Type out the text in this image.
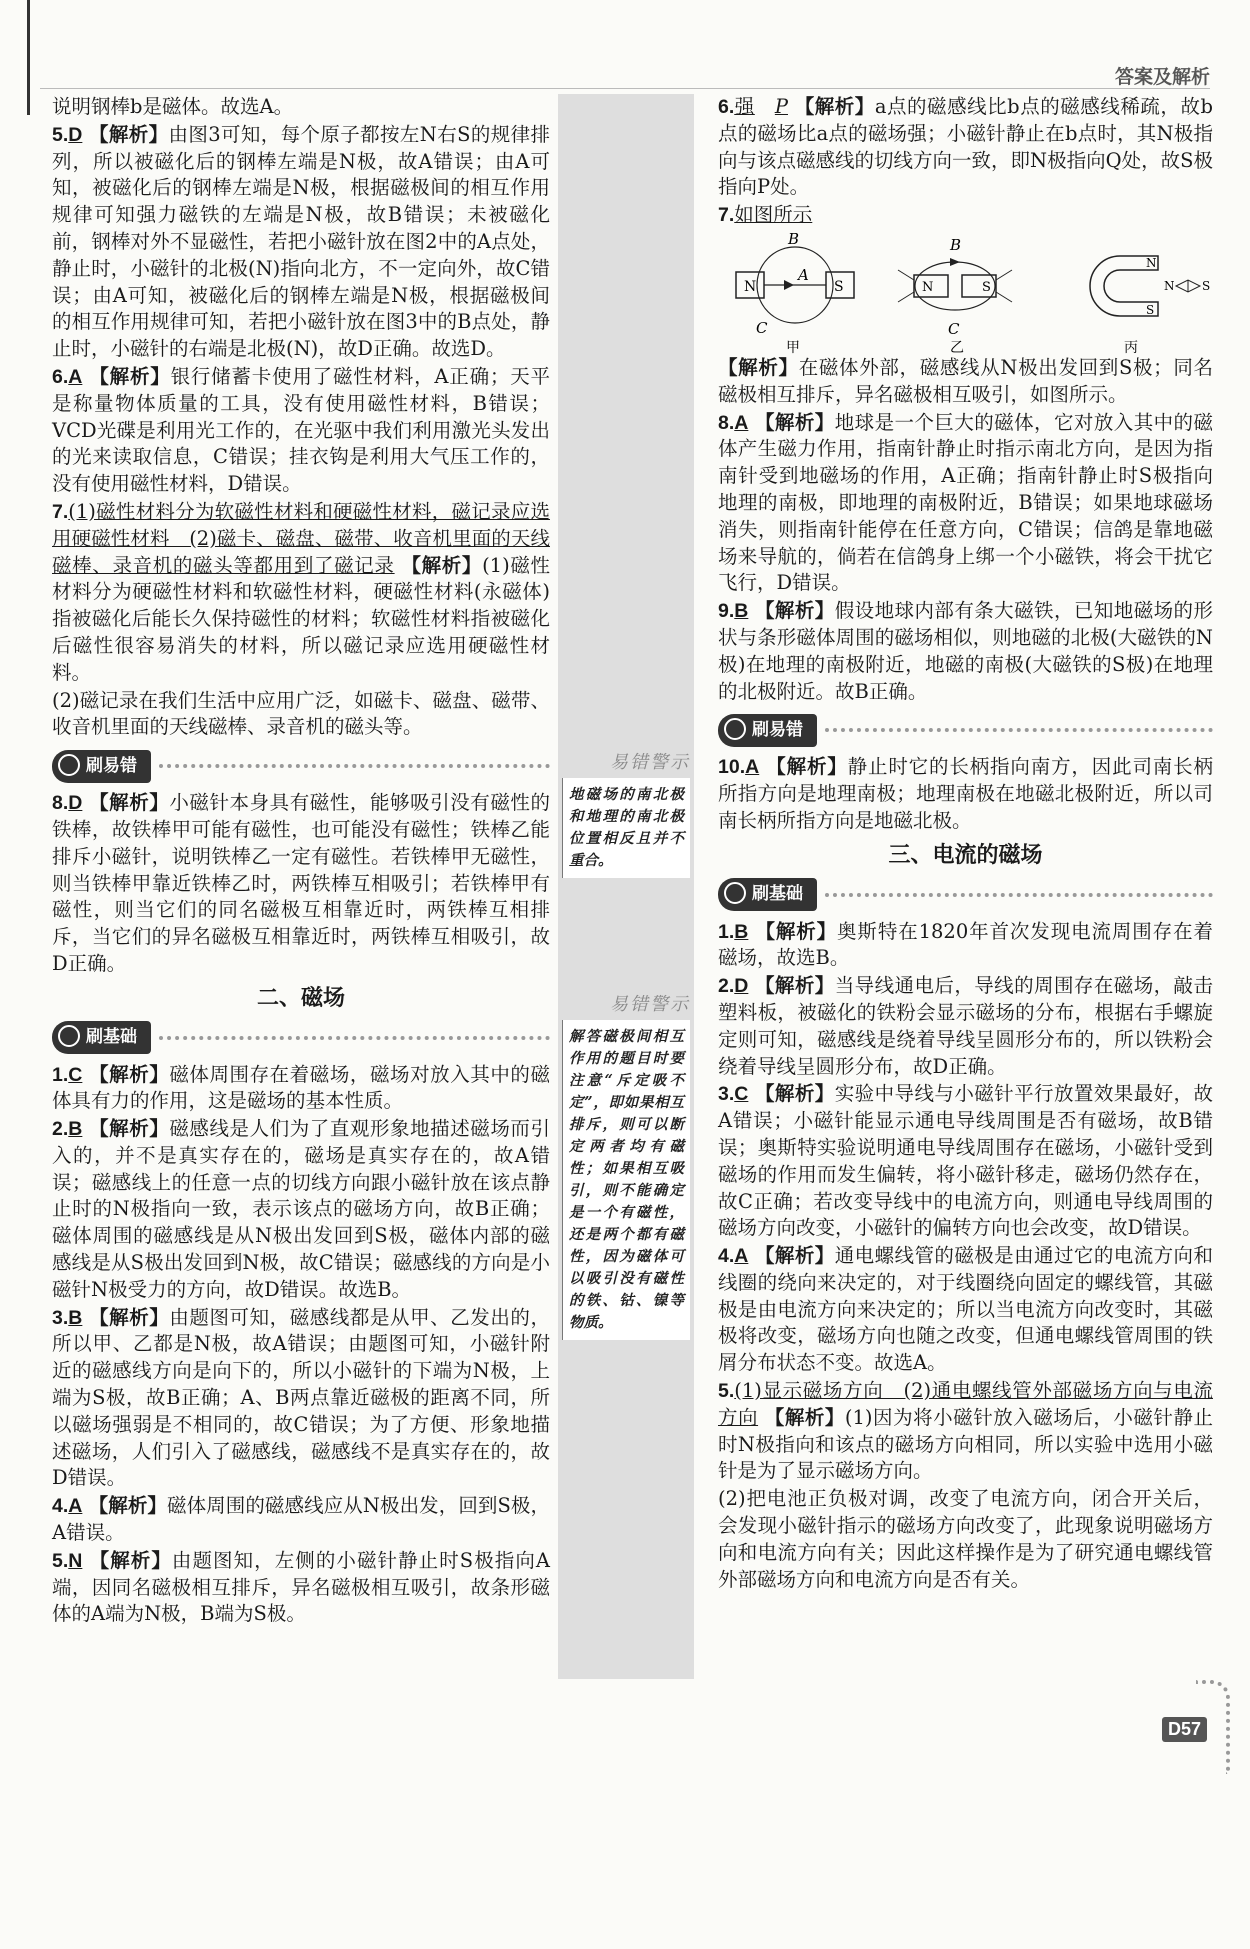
答案及解析
易错警示
地磁场的南北极和地理的南北极位置相反且并不重合。
易错警示
解答磁极间相互作用的题目时要注意“斥定吸不定”，即如果相互排斥，则可以断定两者均有磁性；如果相互吸引，则不能确定是一个有磁性，还是两个都有磁性，因为磁体可以吸引没有磁性的铁、钴、镍等物质。

说明钢棒b是磁体。故选A。

5.D 【解析】由图3可知，每个原子都按左N右S的规律排列，所以被磁化后的钢棒左端是N极，故A错误；由A可知，被磁化后的钢棒左端是N极，根据磁极间的相互作用规律可知强力磁铁的左端是N极，故B错误；未被磁化前，钢棒对外不显磁性，若把小磁针放在图2中的A点处，静止时，小磁针的北极(N)指向北方，不一定向外，故C错误；由A可知，被磁化后的钢棒左端是N极，根据磁极间的相互作用规律可知，若把小磁针放在图3中的B点处，静止时，小磁针的右端是北极(N)，故D正确。故选D。

6.A 【解析】银行储蓄卡使用了磁性材料，A正确；天平是称量物体质量的工具，没有使用磁性材料，B错误；VCD光碟是利用光工作的，在光驱中我们利用激光头发出的光来读取信息，C错误；挂衣钩是利用大气压工作的，没有使用磁性材料，D错误。

7.(1)磁性材料分为软磁性材料和硬磁性材料，磁记录应选用硬磁性材料　(2)磁卡、磁盘、磁带、收音机里面的天线磁棒、录音机的磁头等都用到了磁记录 【解析】(1)磁性材料分为硬磁性材料和软磁性材料，硬磁性材料(永磁体)指被磁化后能长久保持磁性的材料；软磁性材料指被磁化后磁性很容易消失的材料，所以磁记录应选用硬磁性材料。

(2)磁记录在我们生活中应用广泛，如磁卡、磁盘、磁带、收音机里面的天线磁棒、录音机的磁头等。

刷易错

8.D 【解析】小磁针本身具有磁性，能够吸引没有磁性的铁棒，故铁棒甲可能有磁性，也可能没有磁性；铁棒乙能排斥小磁针，说明铁棒乙一定有磁性。若铁棒甲无磁性，则当铁棒甲靠近铁棒乙时，两铁棒互相吸引；若铁棒甲有磁性，则当它们的同名磁极互相靠近时，两铁棒互相排斥，当它们的异名磁极互相靠近时，两铁棒互相吸引，故D正确。

二、磁场
刷基础

1.C 【解析】磁体周围存在着磁场，磁场对放入其中的磁体具有力的作用，这是磁场的基本性质。

2.B 【解析】磁感线是人们为了直观形象地描述磁场而引入的，并不是真实存在的，磁场是真实存在的，故A错误；磁感线上的任意一点的切线方向跟小磁针放在该点静止时的N极指向一致，表示该点的磁场方向，故B正确；磁体周围的磁感线是从N极出发回到S极，磁体内部的磁感线是从S极出发回到N极，故C错误；磁感线的方向是小磁针N极受力的方向，故D错误。故选B。

3.B 【解析】由题图可知，磁感线都是从甲、乙发出的，所以甲、乙都是N极，故A错误；由题图可知，小磁针附近的磁感线方向是向下的，所以小磁针的下端为N极，上端为S极，故B正确；A、B两点靠近磁极的距离不同，所以磁场强弱是不相同的，故C错误；为了方便、形象地描述磁场，人们引入了磁感线，磁感线不是真实存在的，故D错误。

4.A 【解析】磁体周围的磁感线应从N极出发，回到S极，A错误。

5.N 【解析】由题图知，左侧的小磁针静止时S极指向A端，因同名磁极相互排斥，异名磁极相互吸引，故条形磁体的A端为N极，B端为S极。

6.强　 P 【解析】a点的磁感线比b点的磁感线稀疏，故b点的磁场比a点的磁场强；小磁针静止在b点时，其N极指向与该点磁感线的切线方向一致，即N极指向Q处，故S极指向P处。

7.如图所示

N	S
A
B
C
甲
N	S
B
C
乙
N
S
N S
丙

【解析】在磁体外部，磁感线从N极出发回到S极；同名磁极相互排斥，异名磁极相互吸引，如图所示。

8.A 【解析】地球是一个巨大的磁体，它对放入其中的磁体产生磁力作用，指南针静止时指示南北方向，是因为指南针受到地磁场的作用，A正确；指南针静止时S极指向地理的南极，即地理的南极附近，B错误；如果地球磁场消失，则指南针能停在任意方向，C错误；信鸽是靠地磁场来导航的，倘若在信鸽身上绑一个小磁铁，将会干扰它飞行，D错误。

9.B 【解析】假设地球内部有条大磁铁，已知地磁场的形状与条形磁体周围的磁场相似，则地磁的北极(大磁铁的N极)在地理的南极附近，地磁的南极(大磁铁的S极)在地理的北极附近。故B正确。

刷易错

10.A 【解析】静止时它的长柄指向南方，因此司南长柄所指方向是地理南极；地理南极在地磁北极附近，所以司南长柄所指方向是地磁北极。

三、电流的磁场
刷基础

1.B 【解析】奥斯特在1820年首次发现电流周围存在着磁场，故选B。

2.D 【解析】当导线通电后，导线的周围存在磁场，敲击塑料板，被磁化的铁粉会显示磁场的分布，根据右手螺旋定则可知，磁感线是绕着导线呈圆形分布的，所以铁粉会绕着导线呈圆形分布，故D正确。

3.C 【解析】实验中导线与小磁针平行放置效果最好，故A错误；小磁针能显示通电导线周围是否有磁场，故B错误；奥斯特实验说明通电导线周围存在磁场，小磁针受到磁场的作用而发生偏转，将小磁针移走，磁场仍然存在，故C正确；若改变导线中的电流方向，则通电导线周围的磁场方向改变，小磁针的偏转方向也会改变，故D错误。

4.A 【解析】通电螺线管的磁极是由通过它的电流方向和线圈的绕向来决定的，对于线圈绕向固定的螺线管，其磁极是由电流方向来决定的；所以当电流方向改变时，其磁极将改变，磁场方向也随之改变，但通电螺线管周围的铁屑分布状态不变。故选A。

5.(1)显示磁场方向　(2)通电螺线管外部磁场方向与电流方向 【解析】(1)因为将小磁针放入磁场后，小磁针静止时N极指向和该点的磁场方向相同，所以实验中选用小磁针是为了显示磁场方向。

(2)把电池正负极对调，改变了电流方向，闭合开关后，会发现小磁针指示的磁场方向改变了，此现象说明磁场方向和电流方向有关；因此这样操作是为了研究通电螺线管外部磁场方向和电流方向是否有关。

D57
